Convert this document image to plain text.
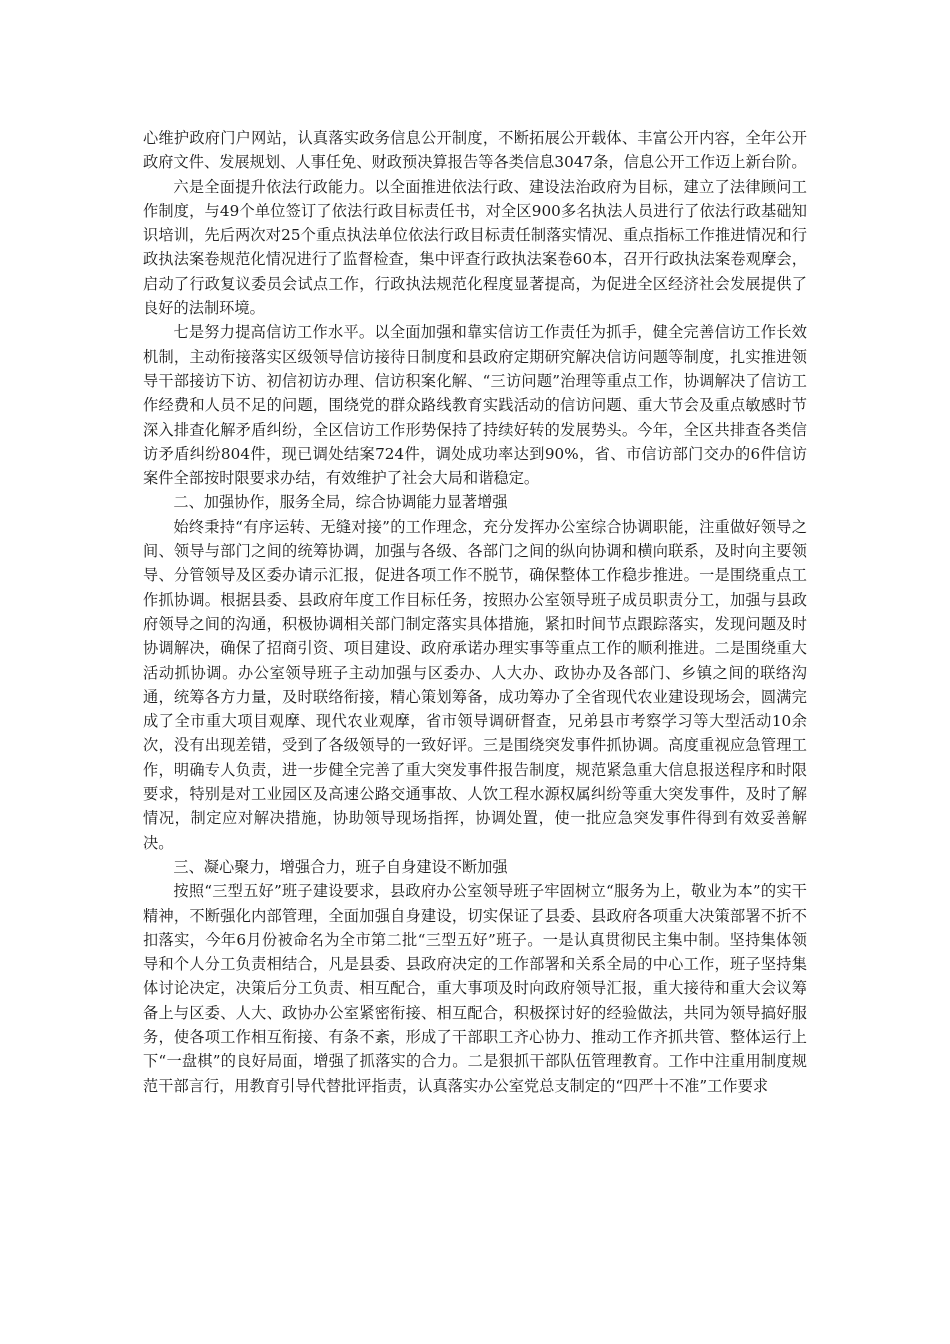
心维护政府门户网站，认真落实政务信息公开制度，不断拓展公开载体、丰富公开内容，全年公开政府文件、发展规划、人事任免、财政预决算报告等各类信息3047条，信息公开工作迈上新台阶。

六是全面提升依法行政能力。以全面推进依法行政、建设法治政府为目标，建立了法律顾问工作制度，与49个单位签订了依法行政目标责任书，对全区900多名执法人员进行了依法行政基础知识培训，先后两次对25个重点执法单位依法行政目标责任制落实情况、重点指标工作推进情况和行政执法案卷规范化情况进行了监督检查，集中评查行政执法案卷60本，召开行政执法案卷观摩会，启动了行政复议委员会试点工作，行政执法规范化程度显著提高，为促进全区经济社会发展提供了良好的法制环境。

七是努力提高信访工作水平。以全面加强和靠实信访工作责任为抓手，健全完善信访工作长效机制，主动衔接落实区级领导信访接待日制度和县政府定期研究解决信访问题等制度，扎实推进领导干部接访下访、初信初访办理、信访积案化解、“三访问题”治理等重点工作，协调解决了信访工作经费和人员不足的问题，围绕党的群众路线教育实践活动的信访问题、重大节会及重点敏感时节深入排查化解矛盾纠纷，全区信访工作形势保持了持续好转的发展势头。今年，全区共排查各类信访矛盾纠纷804件，现已调处结案724件，调处成功率达到90%，省、市信访部门交办的6件信访案件全部按时限要求办结，有效维护了社会大局和谐稳定。

二、加强协作，服务全局，综合协调能力显著增强

始终秉持“有序运转、无缝对接”的工作理念，充分发挥办公室综合协调职能，注重做好领导之间、领导与部门之间的统筹协调，加强与各级、各部门之间的纵向协调和横向联系，及时向主要领导、分管领导及区委办请示汇报，促进各项工作不脱节，确保整体工作稳步推进。一是围绕重点工作抓协调。根据县委、县政府年度工作目标任务，按照办公室领导班子成员职责分工，加强与县政府领导之间的沟通，积极协调相关部门制定落实具体措施，紧扣时间节点跟踪落实，发现问题及时协调解决，确保了招商引资、项目建设、政府承诺办理实事等重点工作的顺利推进。二是围绕重大活动抓协调。办公室领导班子主动加强与区委办、人大办、政协办及各部门、乡镇之间的联络沟通，统筹各方力量，及时联络衔接，精心策划筹备，成功筹办了全省现代农业建设现场会，圆满完成了全市重大项目观摩、现代农业观摩，省市领导调研督查，兄弟县市考察学习等大型活动10余次，没有出现差错，受到了各级领导的一致好评。三是围绕突发事件抓协调。高度重视应急管理工作，明确专人负责，进一步健全完善了重大突发事件报告制度，规范紧急重大信息报送程序和时限要求，特别是对工业园区及高速公路交通事故、人饮工程水源权属纠纷等重大突发事件，及时了解情况，制定应对解决措施，协助领导现场指挥，协调处置，使一批应急突发事件得到有效妥善解决。

三、凝心聚力，增强合力，班子自身建设不断加强

按照“三型五好”班子建设要求，县政府办公室领导班子牢固树立“服务为上，敬业为本”的实干精神，不断强化内部管理，全面加强自身建设，切实保证了县委、县政府各项重大决策部署不折不扣落实，今年6月份被命名为全市第二批“三型五好”班子。一是认真贯彻民主集中制。坚持集体领导和个人分工负责相结合，凡是县委、县政府决定的工作部署和关系全局的中心工作，班子坚持集体讨论决定，决策后分工负责、相互配合，重大事项及时向政府领导汇报，重大接待和重大会议筹备上与区委、人大、政协办公室紧密衔接、相互配合，积极探讨好的经验做法，共同为领导搞好服务，使各项工作相互衔接、有条不紊，形成了干部职工齐心协力、推动工作齐抓共管、整体运行上下“一盘棋”的良好局面，增强了抓落实的合力。二是狠抓干部队伍管理教育。工作中注重用制度规范干部言行，用教育引导代替批评指责，认真落实办公室党总支制定的“四严十不准”工作要求
